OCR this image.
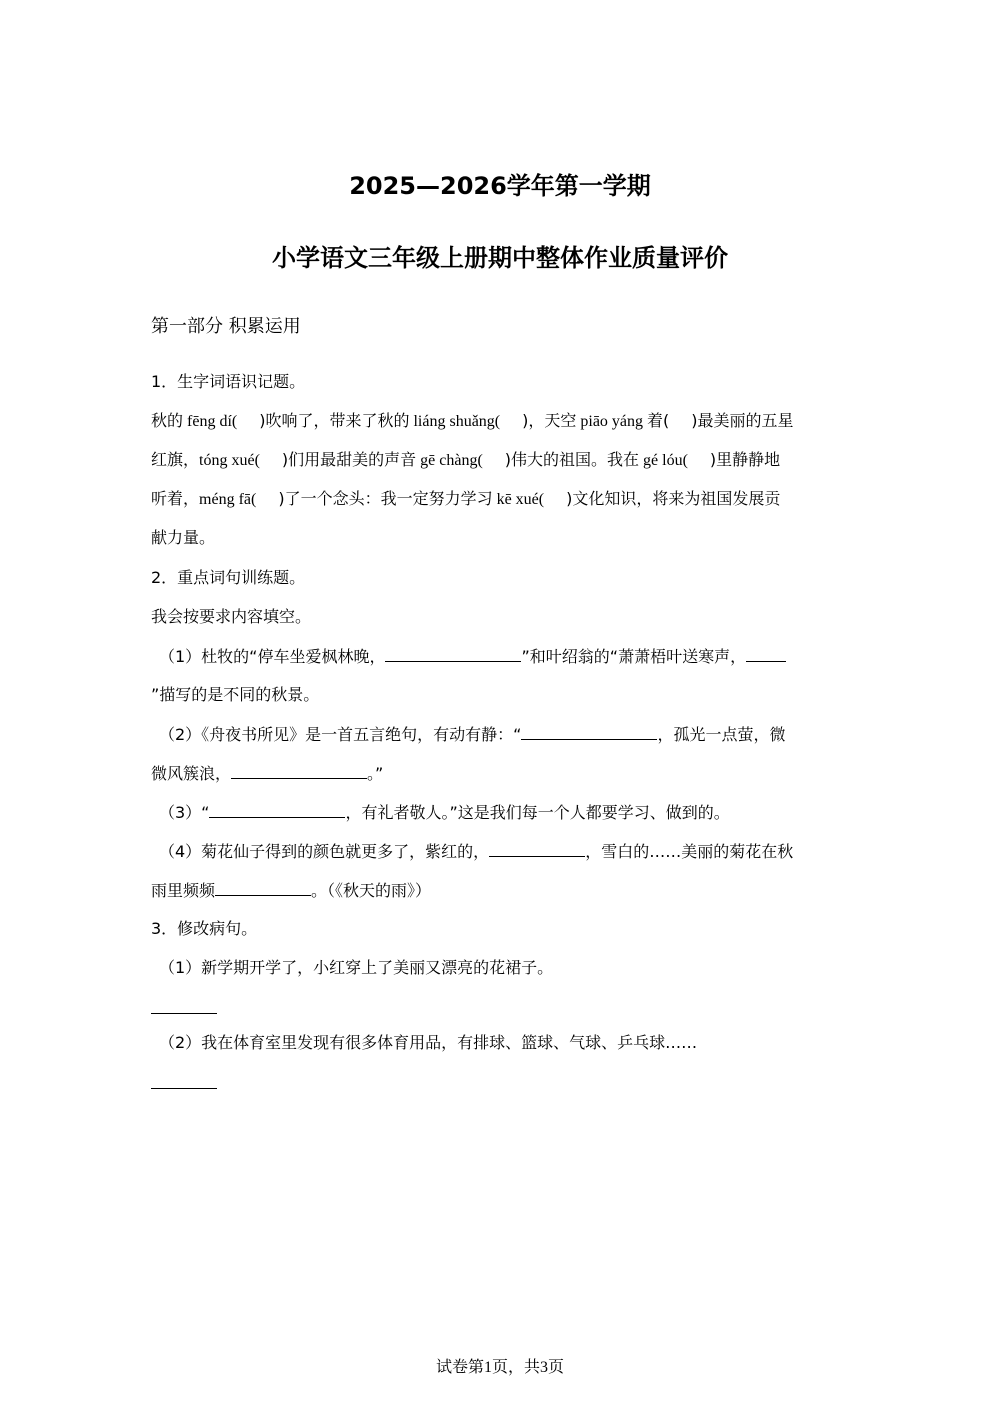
2025—2026学年第一学期
小学语文三年级上册期中整体作业质量评价
第一部分 积累运用
1．生字词语识记题。
秋的 fēng dí( )吹响了，带来了秋的 liáng shuǎng( )，天空 piāo yáng 着( )最美丽的五星
红旗，tóng xué( )们用最甜美的声音 gē chàng( )伟大的祖国。我在 gé lóu( )里静静地
听着，méng fā( )了一个念头：我一定努力学习 kē xué( )文化知识，将来为祖国发展贡
献力量。
2．重点词句训练题。
我会按要求内容填空。
（1）杜牧的“停车坐爱枫林晚，	”和叶绍翁的“萧萧梧叶送寒声，
”描写的是不同的秋景。
（2）《舟夜书所见》是一首五言绝句，有动有静：“	，孤光一点萤，微
微风簇浪，	。”
（3）“	，有礼者敬人。”这是我们每一个人都要学习、做到的。
（4）菊花仙子得到的颜色就更多了，紫红的，	，雪白的……美丽的菊花在秋
雨里频频	。（《秋天的雨》）
3．修改病句。
（1）新学期开学了，小红穿上了美丽又漂亮的花裙子。
（2）我在体育室里发现有很多体育用品，有排球、篮球、气球、乒乓球……
试卷第1页，共3页
